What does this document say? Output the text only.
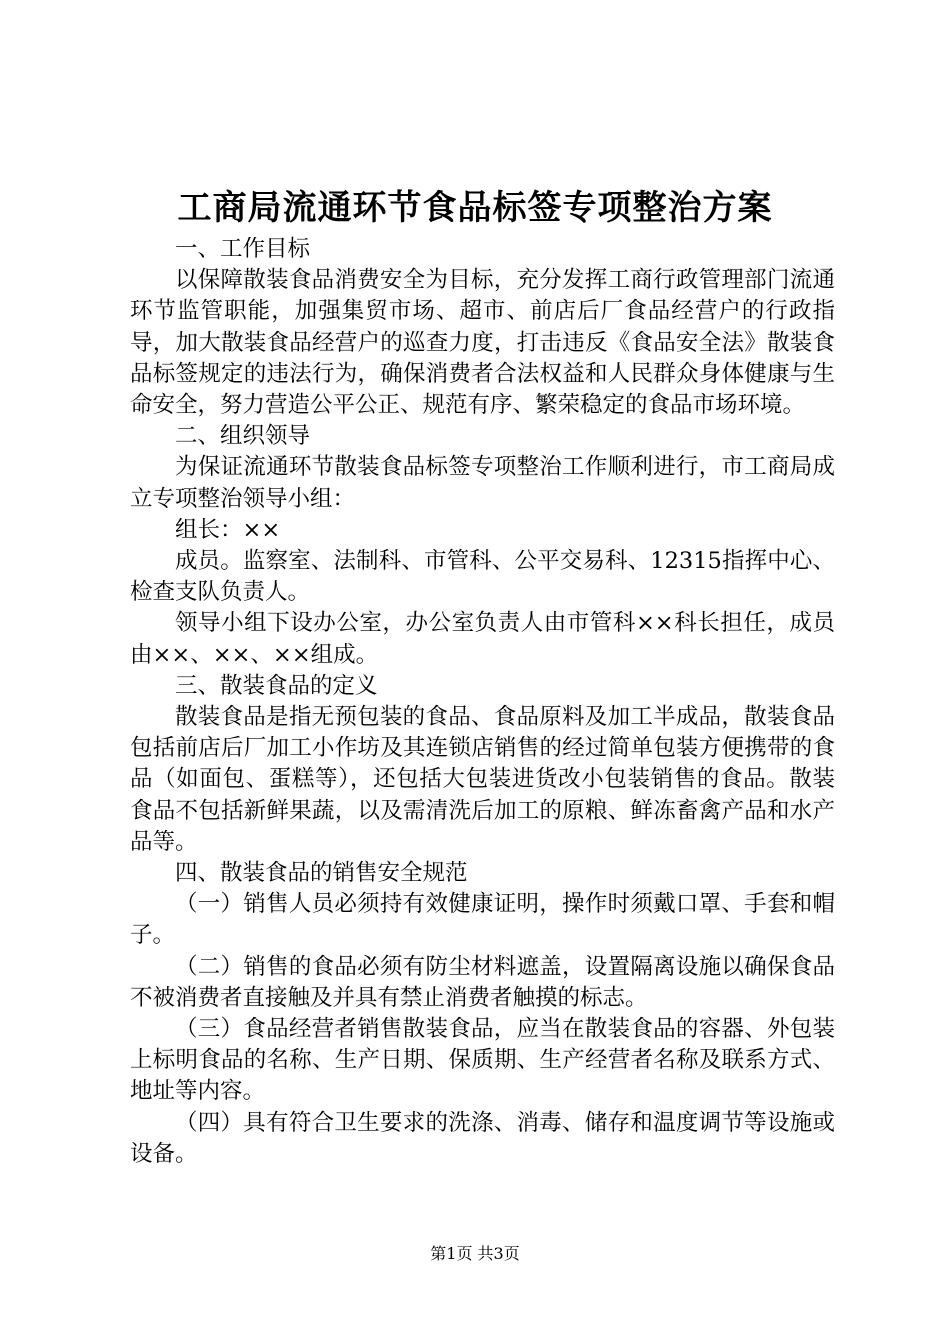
工商局流通环节食品标签专项整治方案

一、工作目标

以保障散装食品消费安全为目标，充分发挥工商行政管理部门流通环节监管职能，加强集贸市场、超市、前店后厂食品经营户的行政指导，加大散装食品经营户的巡查力度，打击违反《食品安全法》散装食品标签规定的违法行为，确保消费者合法权益和人民群众身体健康与生命安全，努力营造公平公正、规范有序、繁荣稳定的食品市场环境。

二、组织领导

为保证流通环节散装食品标签专项整治工作顺利进行，市工商局成立专项整治领导小组：

组长：××

成员。监察室、法制科、市管科、公平交易科、12315指挥中心、检查支队负责人。

领导小组下设办公室，办公室负责人由市管科××科长担任，成员由××、××、××组成。

三、散装食品的定义

散装食品是指无预包装的食品、食品原料及加工半成品，散装食品包括前店后厂加工小作坊及其连锁店销售的经过简单包装方便携带的食品（如面包、蛋糕等），还包括大包装进货改小包装销售的食品。散装食品不包括新鲜果蔬，以及需清洗后加工的原粮、鲜冻畜禽产品和水产品等。

四、散装食品的销售安全规范

（一）销售人员必须持有效健康证明，操作时须戴口罩、手套和帽子。

（二）销售的食品必须有防尘材料遮盖，设置隔离设施以确保食品不被消费者直接触及并具有禁止消费者触摸的标志。

（三）食品经营者销售散装食品，应当在散装食品的容器、外包装上标明食品的名称、生产日期、保质期、生产经营者名称及联系方式、地址等内容。

（四）具有符合卫生要求的洗涤、消毒、储存和温度调节等设施或设备。

第1页 共3页
